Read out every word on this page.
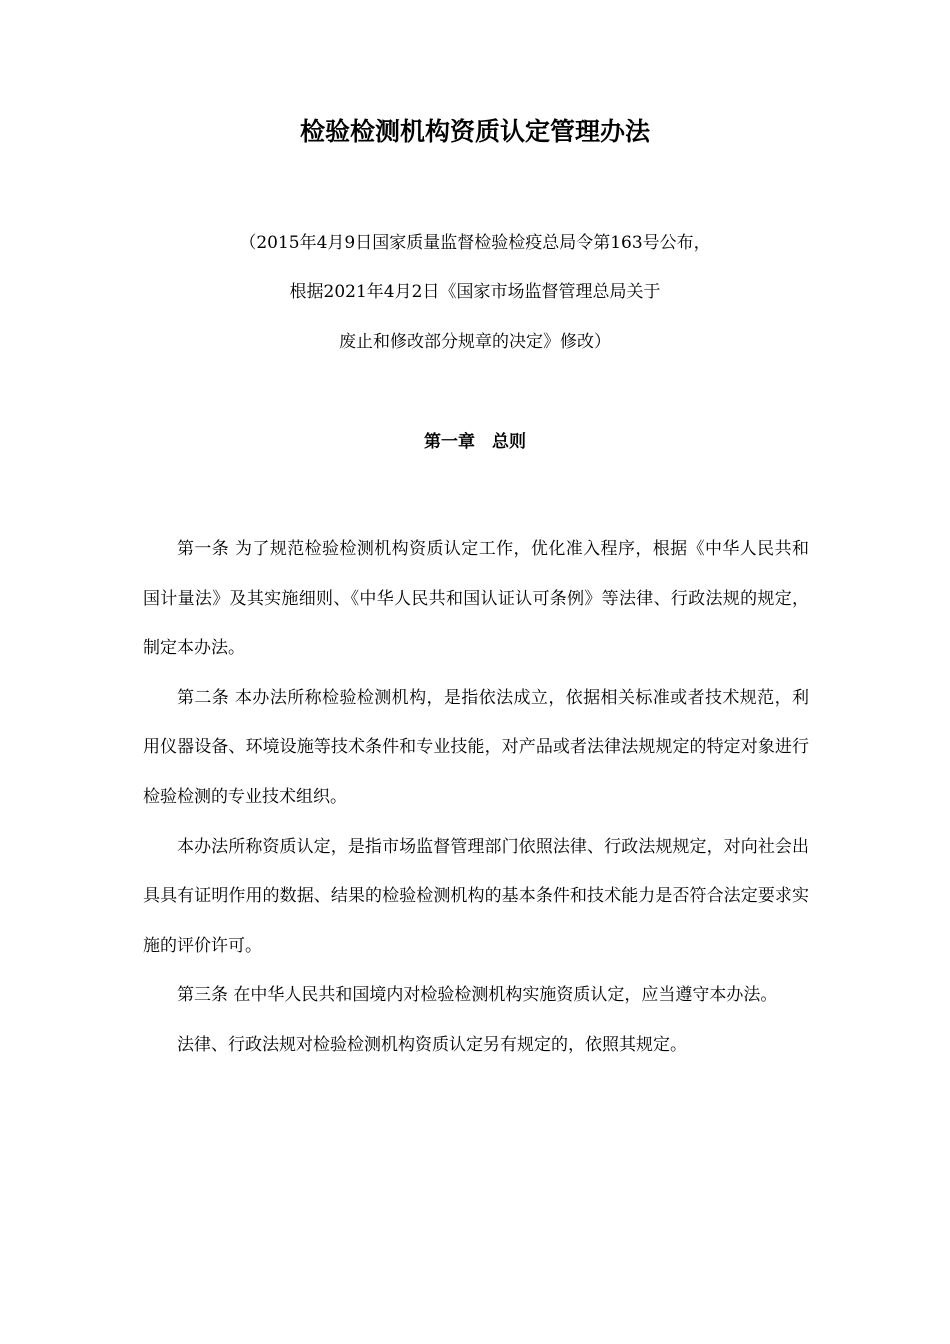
检验检测机构资质认定管理办法

（2015年4月9日国家质量监督检验检疫总局令第163号公布，

根据2021年4月2日《国家市场监督管理总局关于

废止和修改部分规章的决定》修改）

第一章　总则

第一条 为了规范检验检测机构资质认定工作，优化准入程序，根据《中华人民共和国计量法》及其实施细则、《中华人民共和国认证认可条例》等法律、行政法规的规定，制定本办法。

第二条 本办法所称检验检测机构，是指依法成立，依据相关标准或者技术规范，利用仪器设备、环境设施等技术条件和专业技能，对产品或者法律法规规定的特定对象进行检验检测的专业技术组织。

本办法所称资质认定，是指市场监督管理部门依照法律、行政法规规定，对向社会出具具有证明作用的数据、结果的检验检测机构的基本条件和技术能力是否符合法定要求实施的评价许可。

第三条 在中华人民共和国境内对检验检测机构实施资质认定，应当遵守本办法。

法律、行政法规对检验检测机构资质认定另有规定的，依照其规定。
